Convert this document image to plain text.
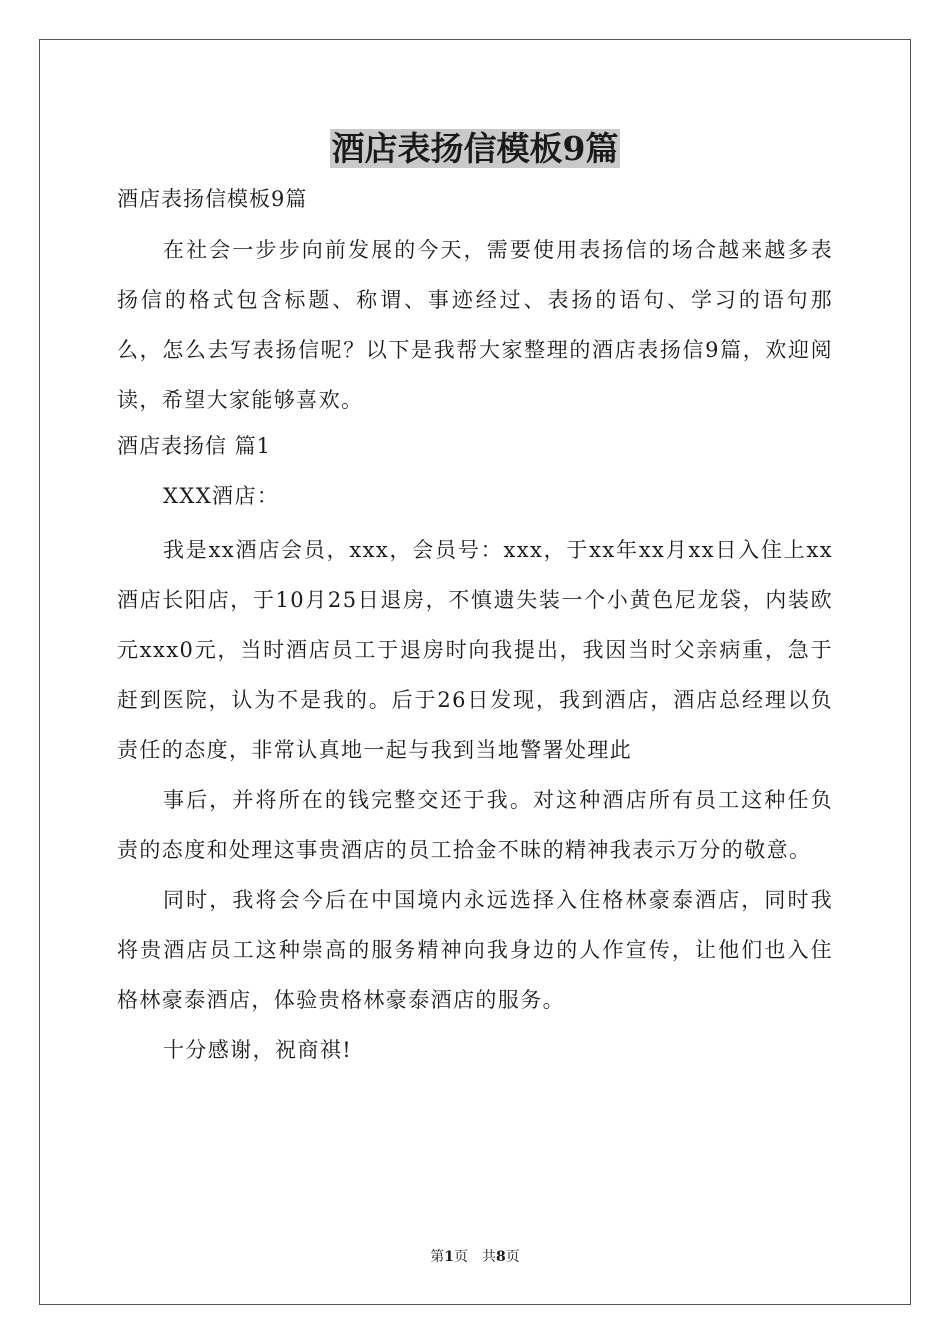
酒店表扬信模板9篇

酒店表扬信模板9篇

在社会一步步向前发展的今天，需要使用表扬信的场合越来越多表扬信的格式包含标题、称谓、事迹经过、表扬的语句、学习的语句那么，怎么去写表扬信呢？以下是我帮大家整理的酒店表扬信9篇，欢迎阅读，希望大家能够喜欢。

酒店表扬信 篇1

XXX酒店：

我是xx酒店会员，xxx，会员号：xxx，于xx年xx月xx日入住上xx酒店长阳店，于10月25日退房，不慎遗失装一个小黄色尼龙袋，内装欧元xxx0元，当时酒店员工于退房时向我提出，我因当时父亲病重，急于赶到医院，认为不是我的。后于26日发现，我到酒店，酒店总经理以负责任的态度，非常认真地一起与我到当地警署处理此

事后，并将所在的钱完整交还于我。对这种酒店所有员工这种任负责的态度和处理这事贵酒店的员工拾金不昧的精神我表示万分的敬意。

同时，我将会今后在中国境内永远选择入住格林豪泰酒店，同时我将贵酒店员工这种崇高的服务精神向我身边的人作宣传，让他们也入住格林豪泰酒店，体验贵格林豪泰酒店的服务。

十分感谢，祝商祺!

第1页　共8页
